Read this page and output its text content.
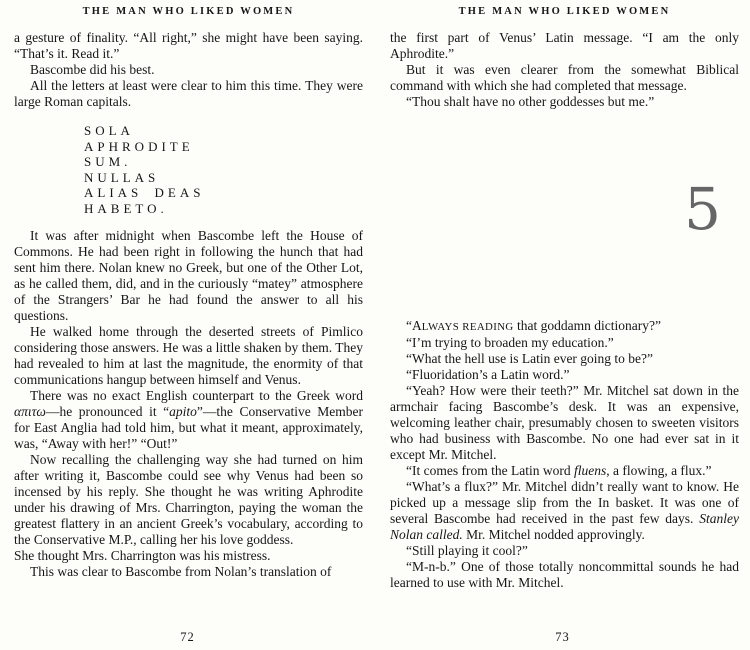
THE MAN WHO LIKED WOMEN

a gesture of finality. “All right,” she might have been saying. “That’s it. Read it.”

Bascombe did his best.

All the letters at least were clear to him this time. They were large Roman capitals.

SOLA
APHRODITE
SUM.
NULLAS
ALIAS DEAS
HABETO.

It was after midnight when Bascombe left the House of Commons. He had been right in following the hunch that had sent him there. Nolan knew no Greek, but one of the Other Lot, as he called them, did, and in the curiously “matey” atmosphere of the Strangers’ Bar he had found the answer to all his questions.

He walked home through the deserted streets of Pimlico considering those answers. He was a little shaken by them. They had revealed to him at last the magnitude, the enormity of that communications hangup between himself and Venus.

There was no exact English counterpart to the Greek word απιτω—he pronounced it “apito”—the Conservative Member for East Anglia had told him, but what it meant, approximately, was, “Away with her!” “Out!”

Now recalling the challenging way she had turned on him after writing it, Bascombe could see why Venus had been so incensed by his reply. She thought he was writing Aphrodite under his drawing of Mrs. Charrington, paying the woman the greatest flattery in an ancient Greek’s vocabulary, according to the Conservative M.P., calling her his love goddess.

She thought Mrs. Charrington was his mistress.

This was clear to Bascombe from Nolan’s translation of

72
THE MAN WHO LIKED WOMEN

the first part of Venus’ Latin message. “I am the only Aphrodite.”

But it was even clearer from the somewhat Biblical command with which she had completed that message.

“Thou shalt have no other goddesses but me.”

5

“ALWAYS READING that goddamn dictionary?”

“I’m trying to broaden my education.”

“What the hell use is Latin ever going to be?”

“Fluoridation’s a Latin word.”

“Yeah? How were their teeth?” Mr. Mitchel sat down in the armchair facing Bascombe’s desk. It was an expensive, welcoming leather chair, presumably chosen to sweeten visitors who had business with Bascombe. No one had ever sat in it except Mr. Mitchel.

“It comes from the Latin word fluens, a flowing, a flux.”

“What’s a flux?” Mr. Mitchel didn’t really want to know. He picked up a message slip from the In basket. It was one of several Bascombe had received in the past few days. Stanley Nolan called. Mr. Mitchel nodded approvingly.

“Still playing it cool?”

“M-n-b.” One of those totally noncommittal sounds he had learned to use with Mr. Mitchel.

73
